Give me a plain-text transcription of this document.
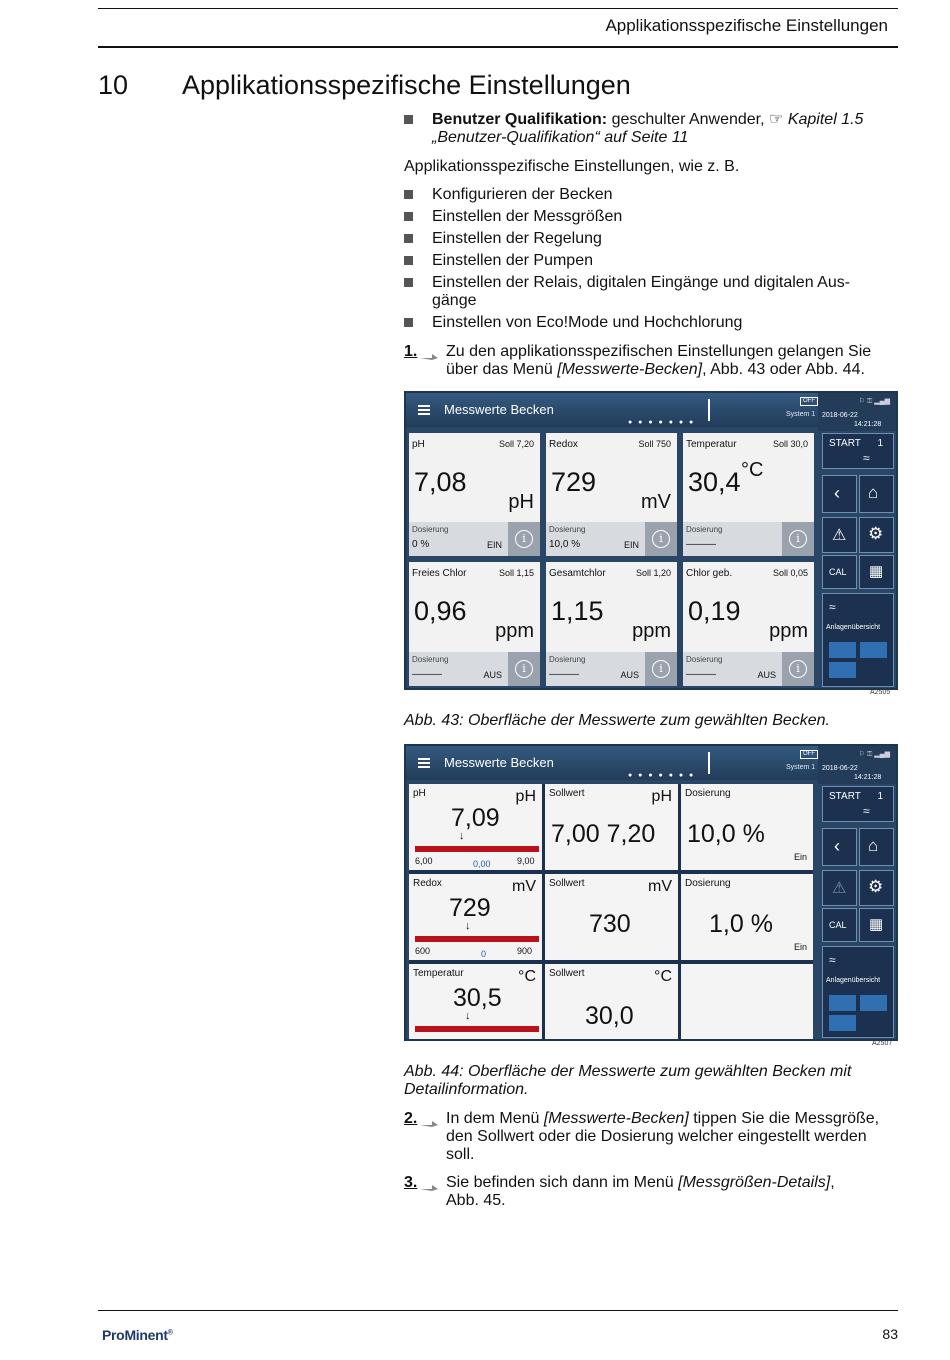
Applikationsspezifische Einstellungen
10 Applikationsspezifische Einstellungen
Benutzer Qualifikation: geschulter Anwender, ☞ Kapitel 1.5
„Benutzer-Qualifikation“ auf Seite 11
Applikationsspezifische Einstellungen, wie z. B.
Konfigurieren der Becken
Einstellen der Messgrößen
Einstellen der Regelung
Einstellen der Pumpen
Einstellen der Relais, digitalen Eingänge und digitalen Aus-
gänge
Einstellen von Eco!Mode und Hochchlorung
1. Zu den applikationsspezifischen Einstellungen gelangen Sie
über das Menü [Messwerte-Becken], Abb. 43 oder Abb. 44.
Messwerte Becken
● ● ● ● ● ● ●
OFF
System 1
⚐ ⚿ ▂▄▆
2018-06-22
14:21:28
pH	Soll 7,20
7,08
pH
Dosierung
0 %	EIN	i
Redox	Soll 750
729
mV
Dosierung
10,0 %	EIN	i
Temperatur	Soll 30,0
30,4 °C
Dosierung
———	i
Freies Chlor	Soll 1,15
0,96
ppm
Dosierung
———	AUS	i
Gesamtchlor	Soll 1,20
1,15
ppm
Dosierung
———	AUS	i
Chlor geb.	Soll 0,05
0,19
ppm
Dosierung
———	AUS	i
START 1
≈
‹ ⌂
⚠ ⚙
CAL ▦
≈
Anlagenübersicht
A2505
Abb. 43: Oberfläche der Messwerte zum gewählten Becken.
Messwerte Becken
● ● ● ● ● ● ●
OFF
System 1
⚐ ⚿ ▂▄▆
2018-06-22
14:21:28
pH	pH
7,09
↓
6,00	0,00	9,00
Sollwert	pH
7,00 7,20
Dosierung
10,0 %
Ein
Redox	mV
729
↓
600	0	900
Sollwert	mV
730
Dosierung
1,0 %
Ein
Temperatur	°C
30,5
↓
Sollwert	°C
30,0
START 1
≈
‹ ⌂
⚠ ⚙
CAL ▦
≈
Anlagenübersicht
A2507
Abb. 44: Oberfläche der Messwerte zum gewählten Becken mit
Detailinformation.
2. In dem Menü [Messwerte-Becken] tippen Sie die Messgröße,
den Sollwert oder die Dosierung welcher eingestellt werden
soll.
3. Sie befinden sich dann im Menü [Messgrößen-Details],
Abb. 45.
ProMinent®	83
